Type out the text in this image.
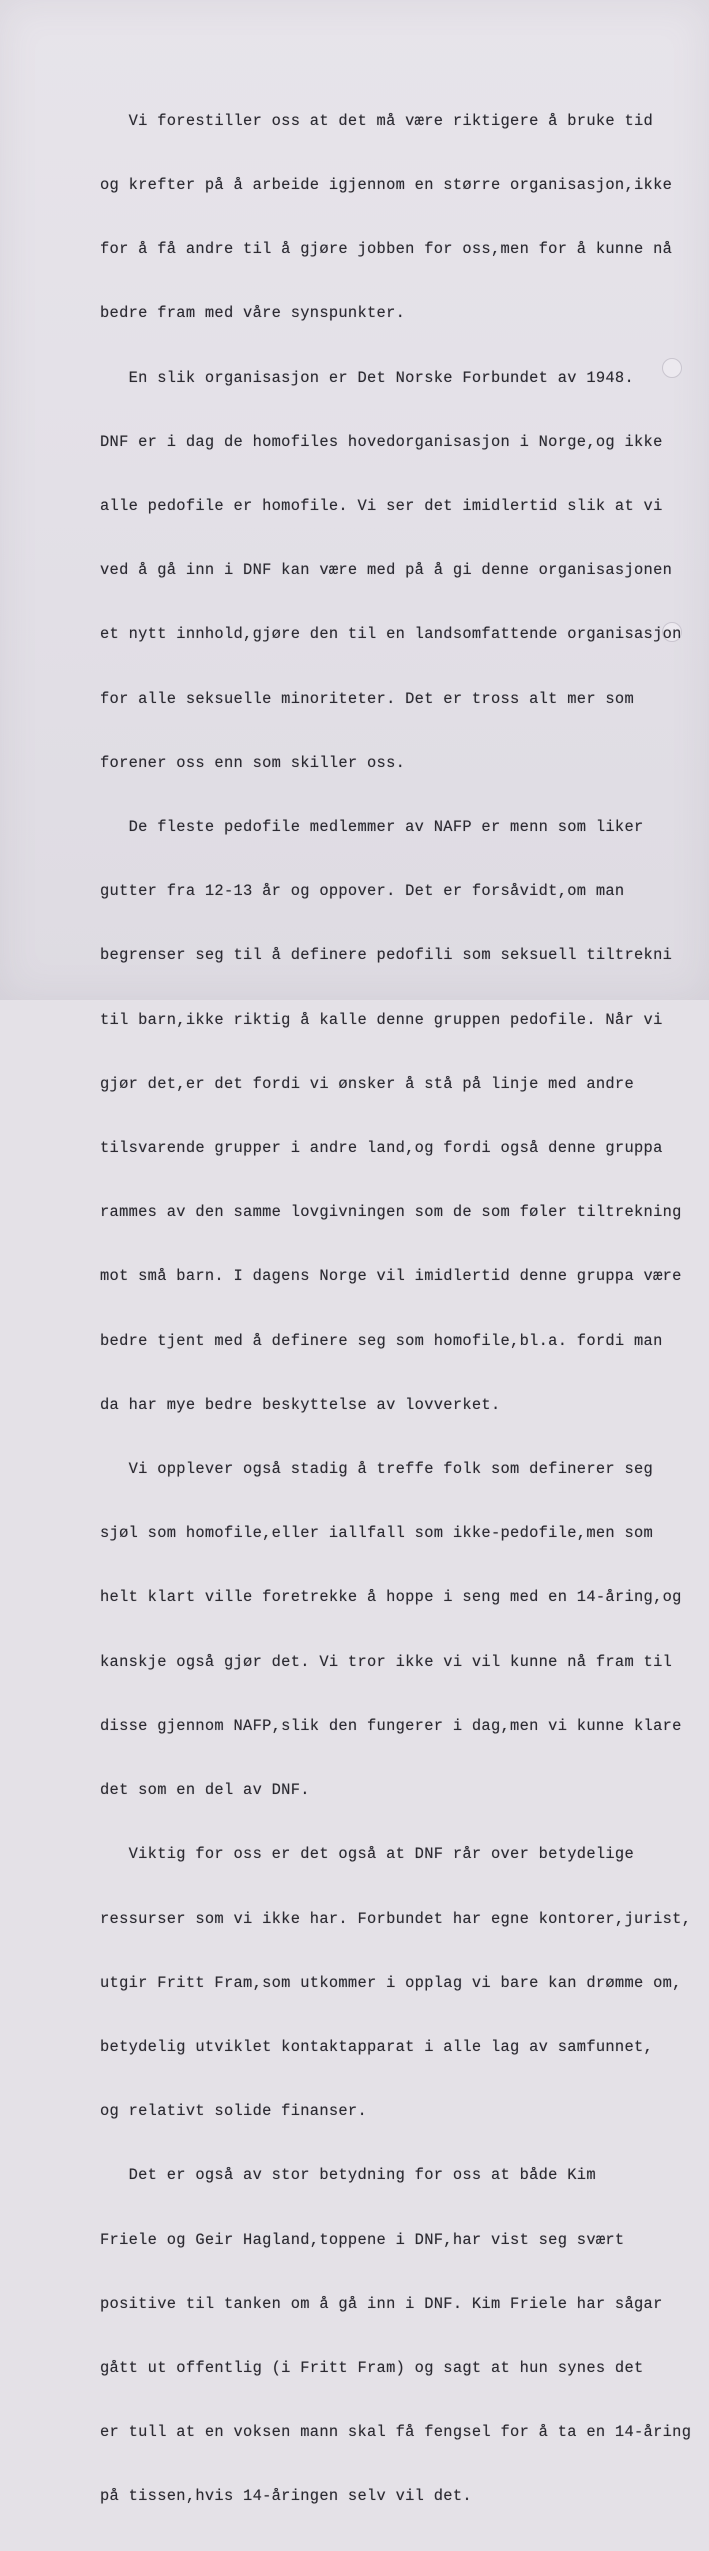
Vi forestiller oss at det må være riktigere å bruke tid

og krefter på å arbeide igjennom en større organisasjon,ikke

for å få andre til å gjøre jobben for oss,men for å kunne nå

bedre fram med våre synspunkter.

En slik organisasjon er Det Norske Forbundet av 1948.

DNF er i dag de homofiles hovedorganisasjon i Norge,og ikke

alle pedofile er homofile. Vi ser det imidlertid slik at vi

ved å gå inn i DNF kan være med på å gi denne organisasjonen

et nytt innhold,gjøre den til en landsomfattende organisasjon

for alle seksuelle minoriteter. Det er tross alt mer som

forener oss enn som skiller oss.

De fleste pedofile medlemmer av NAFP er menn som liker

gutter fra 12-13 år og oppover. Det er forsåvidt,om man

begrenser seg til å definere pedofili som seksuell tiltrekni

til barn,ikke riktig å kalle denne gruppen pedofile. Når vi

gjør det,er det fordi vi ønsker å stå på linje med andre

tilsvarende grupper i andre land,og fordi også denne gruppa

rammes av den samme lovgivningen som de som føler tiltrekning

mot små barn. I dagens Norge vil imidlertid denne gruppa være

bedre tjent med å definere seg som homofile,bl.a. fordi man

da har mye bedre beskyttelse av lovverket.

Vi opplever også stadig å treffe folk som definerer seg

sjøl som homofile,eller iallfall som ikke-pedofile,men som

helt klart ville foretrekke å hoppe i seng med en 14-åring,og

kanskje også gjør det. Vi tror ikke vi vil kunne nå fram til

disse gjennom NAFP,slik den fungerer i dag,men vi kunne klare

det som en del av DNF.

Viktig for oss er det også at DNF rår over betydelige

ressurser som vi ikke har. Forbundet har egne kontorer,jurist,

utgir Fritt Fram,som utkommer i opplag vi bare kan drømme om,

betydelig utviklet kontaktapparat i alle lag av samfunnet,

og relativt solide finanser.

Det er også av stor betydning for oss at både Kim

Friele og Geir Hagland,toppene i DNF,har vist seg svært

positive til tanken om å gå inn i DNF. Kim Friele har sågar

gått ut offentlig (i Fritt Fram) og sagt at hun synes det

er tull at en voksen mann skal få fengsel for å ta en 14-åring

på tissen,hvis 14-åringen selv vil det.
